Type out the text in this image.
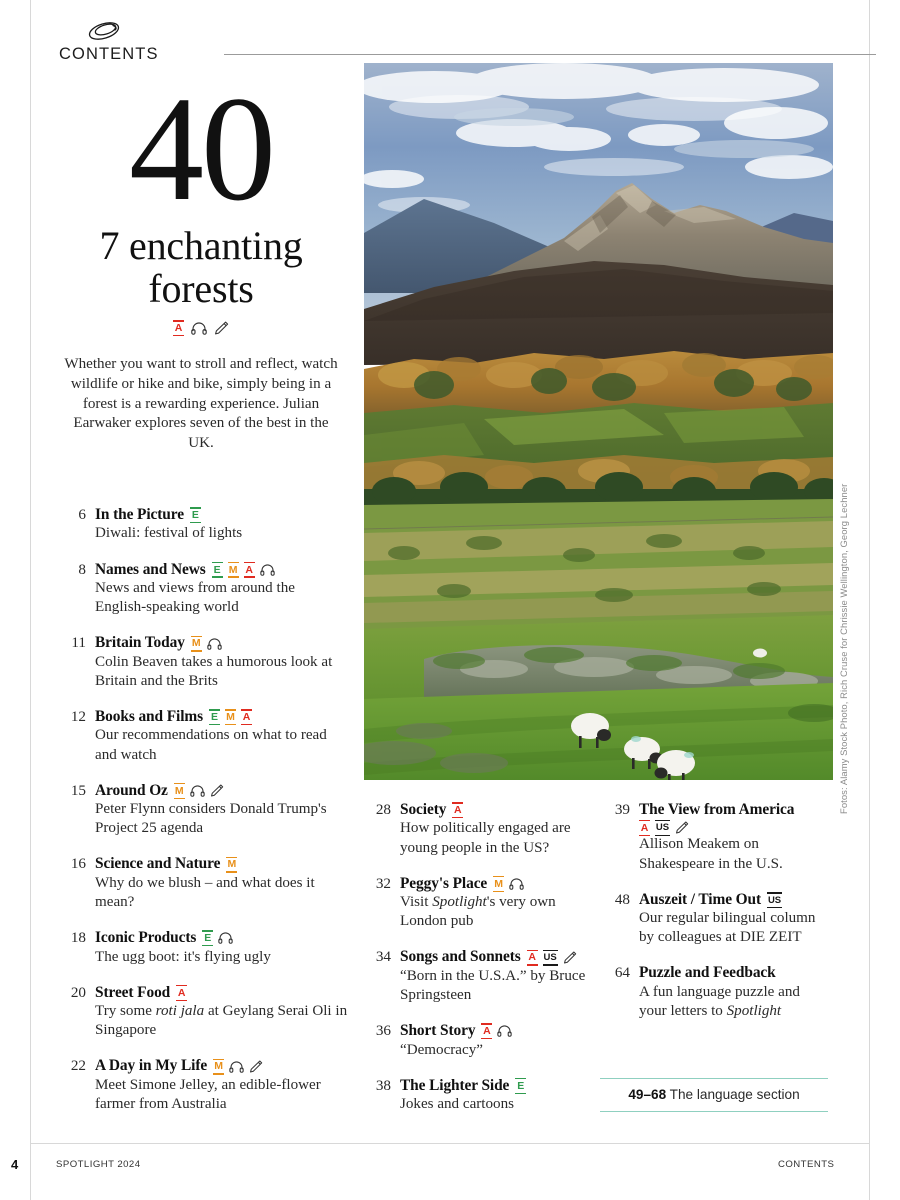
CONTENTS
40
7 enchanting
forests
A
Whether you want to stroll and reflect, watch wildlife or hike and bike, simply being in a forest is a rewarding experience. Julian Earwaker explores seven of the best in the UK.
Fotos: Alamy Stock Photo, Rich Cruse for Chrissie Wellington, Georg Lechner
6 In the Picture E
Diwali: festival of lights
8 Names and News E M A
News and views from around the English-speaking world
11 Britain Today M
Colin Beaven takes a humorous look at Britain and the Brits
12 Books and Films E M A
Our recommendations on what to read and watch
15 Around Oz M
Peter Flynn considers Donald Trump's Project 25 agenda
16 Science and Nature M
Why do we blush – and what does it mean?
18 Iconic Products E
The ugg boot: it's flying ugly
20 Street Food A
Try some roti jala at Geylang Serai Oli in Singapore
22 A Day in My Life M
Meet Simone Jelley, an edible-flower farmer from Australia
28 Society A
How politically engaged are young people in the US?
32 Peggy's Place M
Visit Spotlight's very own London pub
34 Songs and Sonnets A US
“Born in the U.S.A.” by Bruce Springsteen
36 Short Story A
“Democracy”
38 The Lighter Side E
Jokes and cartoons
39 The View from America
A US
Allison Meakem on Shakespeare in the U.S.
48 Auszeit / Time Out US
Our regular bilingual column by colleagues at DIE ZEIT
64 Puzzle and Feedback
A fun language puzzle and your letters to Spotlight
49–68 The language section
4	SPOTLIGHT 2024	CONTENTS
